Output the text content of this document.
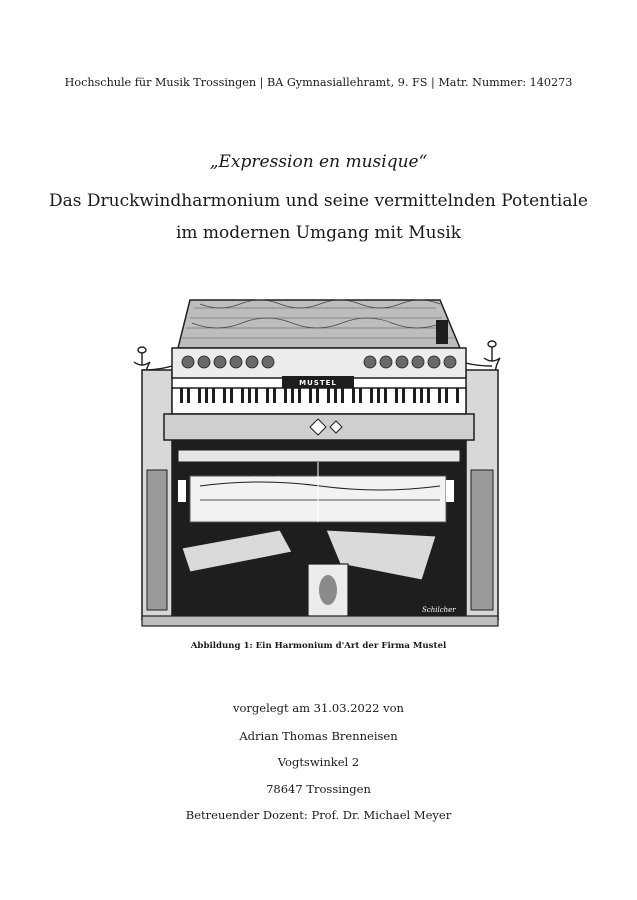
Hochschule für Musik Trossingen | BA Gymnasiallehramt, 9. FS | Matr. Nummer: 140273
„Expression en musique“
Das Druckwindharmonium und seine vermittelnden Potentiale
im modernen Umgang mit Musik
MUSTEL
Schilcher
Abbildung 1: Ein Harmonium d'Art der Firma Mustel
vorgelegt am 31.03.2022 von
Adrian Thomas Brenneisen
Vogtswinkel 2
78647 Trossingen
Betreuender Dozent: Prof. Dr. Michael Meyer
